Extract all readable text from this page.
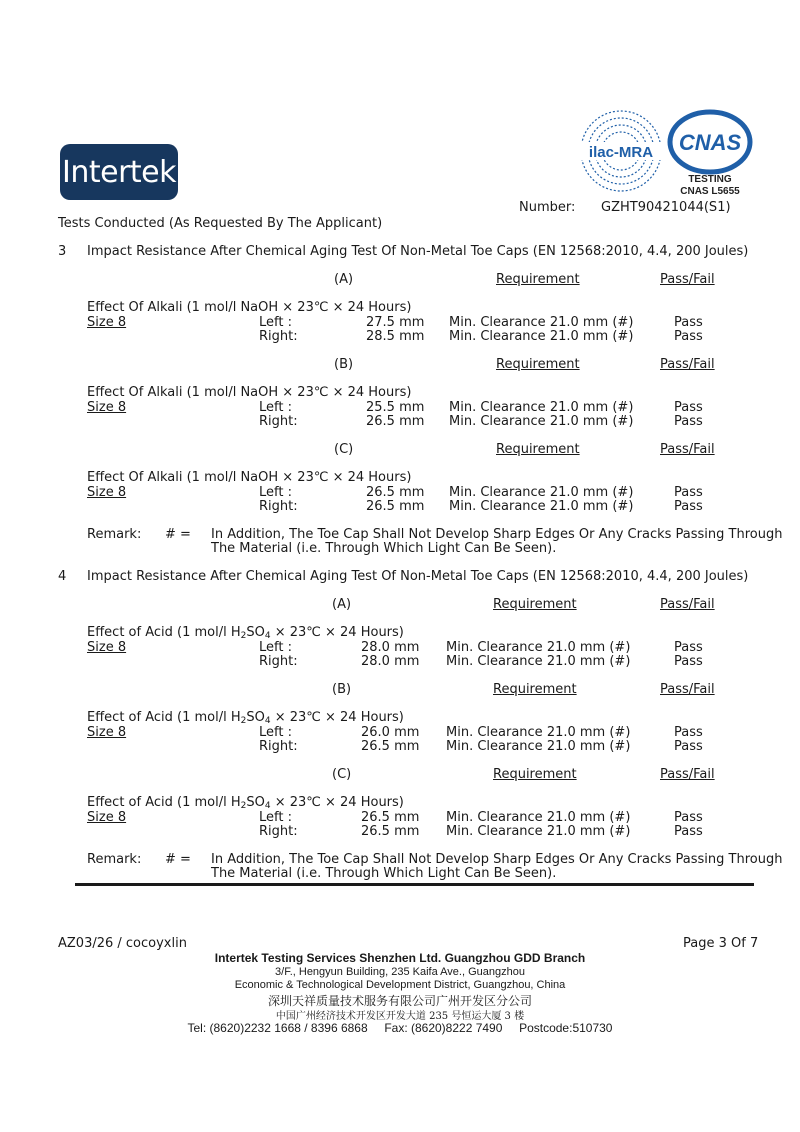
Intertek
ilac-MRA CNAS
TESTING
CNAS L5655
Number: GZHT90421044(S1)
Tests Conducted (As Requested By The Applicant)
3 Impact Resistance After Chemical Aging Test Of Non-Metal Toe Caps (EN 12568:2010, 4.4, 200 Joules)
(A)	Requirement	Pass/Fail
Effect Of Alkali (1 mol/l NaOH × 23℃ × 24 Hours)
Size 8	Left :	27.5 mm Min. Clearance 21.0 mm (#)	Pass
Right:	28.5 mm Min. Clearance 21.0 mm (#)	Pass
(B)	Requirement	Pass/Fail
Effect Of Alkali (1 mol/l NaOH × 23℃ × 24 Hours)
Size 8	Left :	25.5 mm Min. Clearance 21.0 mm (#)	Pass
Right:	26.5 mm Min. Clearance 21.0 mm (#)	Pass
(C)	Requirement	Pass/Fail
Effect Of Alkali (1 mol/l NaOH × 23℃ × 24 Hours)
Size 8	Left :	26.5 mm Min. Clearance 21.0 mm (#)	Pass
Right:	26.5 mm Min. Clearance 21.0 mm (#)	Pass
Remark: # = In Addition, The Toe Cap Shall Not Develop Sharp Edges Or Any Cracks Passing Through
The Material (i.e. Through Which Light Can Be Seen).
4 Impact Resistance After Chemical Aging Test Of Non-Metal Toe Caps (EN 12568:2010, 4.4, 200 Joules)
(A)	Requirement	Pass/Fail
Effect of Acid (1 mol/l $H_2SO_4$ × 23℃ × 24 Hours)
Size 8	Left :	28.0 mm Min. Clearance 21.0 mm (#)	Pass
Right:	28.0 mm Min. Clearance 21.0 mm (#)	Pass
(B)	Requirement	Pass/Fail
Effect of Acid (1 mol/l $H_2SO_4$ × 23℃ × 24 Hours)
Size 8	Left :	26.0 mm Min. Clearance 21.0 mm (#)	Pass
Right:	26.5 mm Min. Clearance 21.0 mm (#)	Pass
(C)	Requirement	Pass/Fail
Effect of Acid (1 mol/l $H_2SO_4$ × 23℃ × 24 Hours)
Size 8	Left :	26.5 mm Min. Clearance 21.0 mm (#)	Pass
Right:	26.5 mm Min. Clearance 21.0 mm (#)	Pass
Remark: # = In Addition, The Toe Cap Shall Not Develop Sharp Edges Or Any Cracks Passing Through
The Material (i.e. Through Which Light Can Be Seen).
AZ03/26 / cocoyxlin	Page 3 Of 7
Intertek Testing Services Shenzhen Ltd. Guangzhou GDD Branch
3/F., Hengyun Building, 235 Kaifa Ave., Guangzhou
Economic & Technological Development District, Guangzhou, China
深圳天祥质量技术服务有限公司广州开发区分公司
中国广州经济技术开发区开发大道 235 号恒运大厦 3 楼
Tel: (8620)2232 1668 / 8396 6868     Fax: (8620)8222 7490     Postcode:510730
